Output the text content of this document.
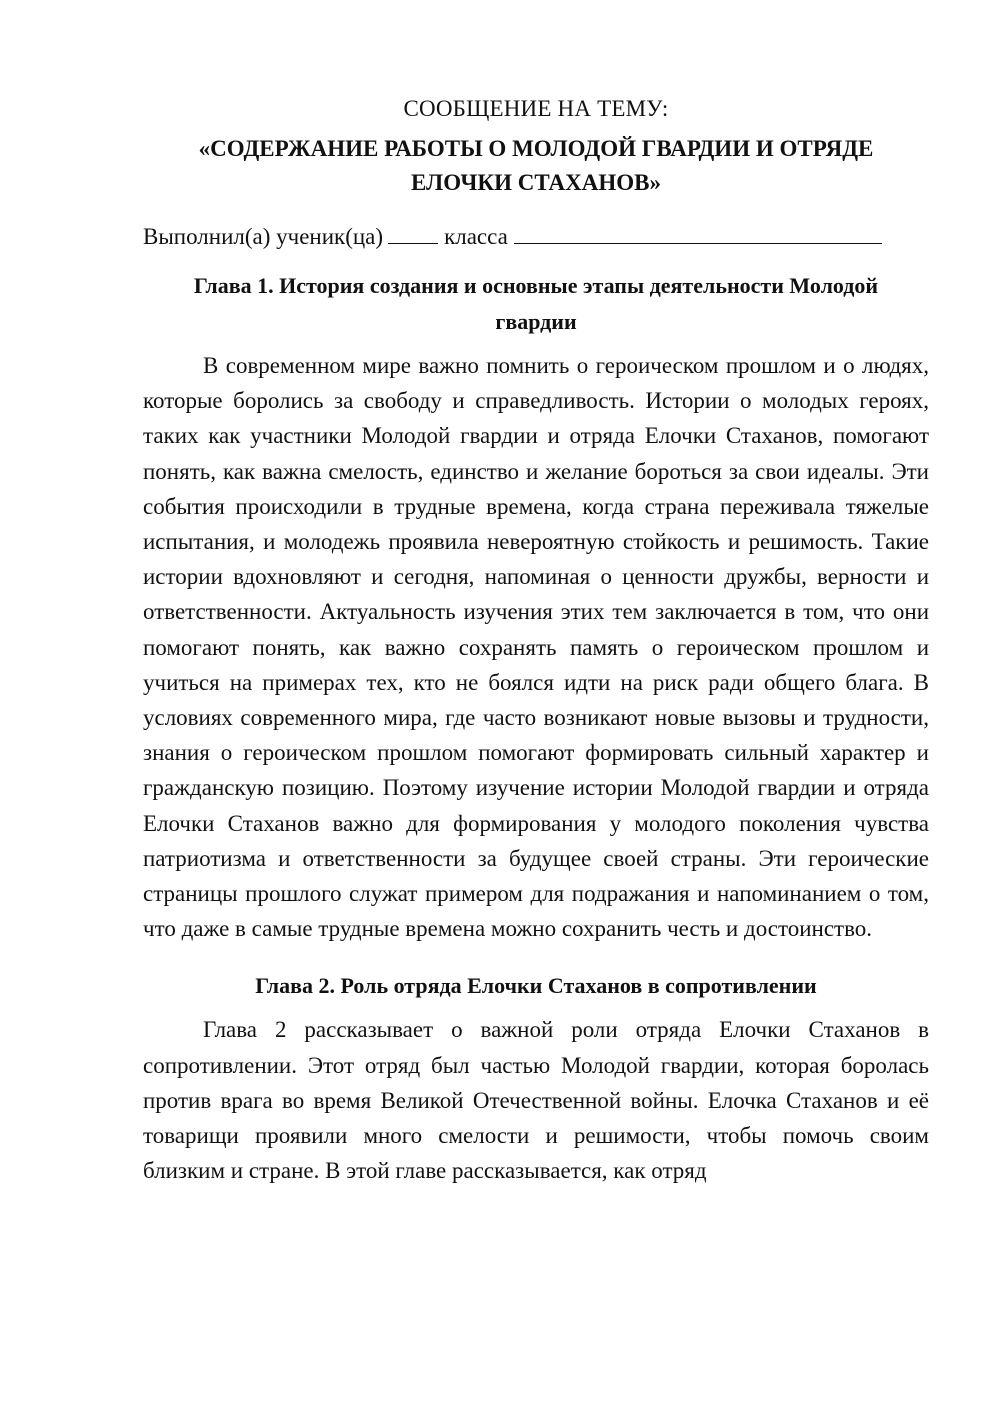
СООБЩЕНИЕ НА ТЕМУ:

«СОДЕРЖАНИЕ РАБОТЫ О МОЛОДОЙ ГВАРДИИ И ОТРЯДЕ ЕЛОЧКИ СТАХАНОВ»

Выполнил(а) ученик(ца)	класса

Глава 1. История создания и основные этапы деятельности Молодой гвардии

В современном мире важно помнить о героическом прошлом и о людях, которые боролись за свободу и справедливость. Истории о молодых героях, таких как участники Молодой гвардии и отряда Елочки Стаханов, помогают понять, как важна смелость, единство и желание бороться за свои идеалы. Эти события происходили в трудные времена, когда страна переживала тяжелые испытания, и молодежь проявила невероятную стойкость и решимость. Такие истории вдохновляют и сегодня, напоминая о ценности дружбы, верности и ответственности. Актуальность изучения этих тем заключается в том, что они помогают понять, как важно сохранять память о героическом прошлом и учиться на примерах тех, кто не боялся идти на риск ради общего блага. В условиях современного мира, где часто возникают новые вызовы и трудности, знания о героическом прошлом помогают формировать сильный характер и гражданскую позицию. Поэтому изучение истории Молодой гвардии и отряда Елочки Стаханов важно для формирования у молодого поколения чувства патриотизма и ответственности за будущее своей страны. Эти героические страницы прошлого служат примером для подражания и напоминанием о том, что даже в самые трудные времена можно сохранить честь и достоинство.

Глава 2. Роль отряда Елочки Стаханов в сопротивлении

Глава 2 рассказывает о важной роли отряда Елочки Стаханов в сопротивлении. Этот отряд был частью Молодой гвардии, которая боролась против врага во время Великой Отечественной войны. Елочка Стаханов и её товарищи проявили много смелости и решимости, чтобы помочь своим близким и стране. В этой главе рассказывается, как отряд
